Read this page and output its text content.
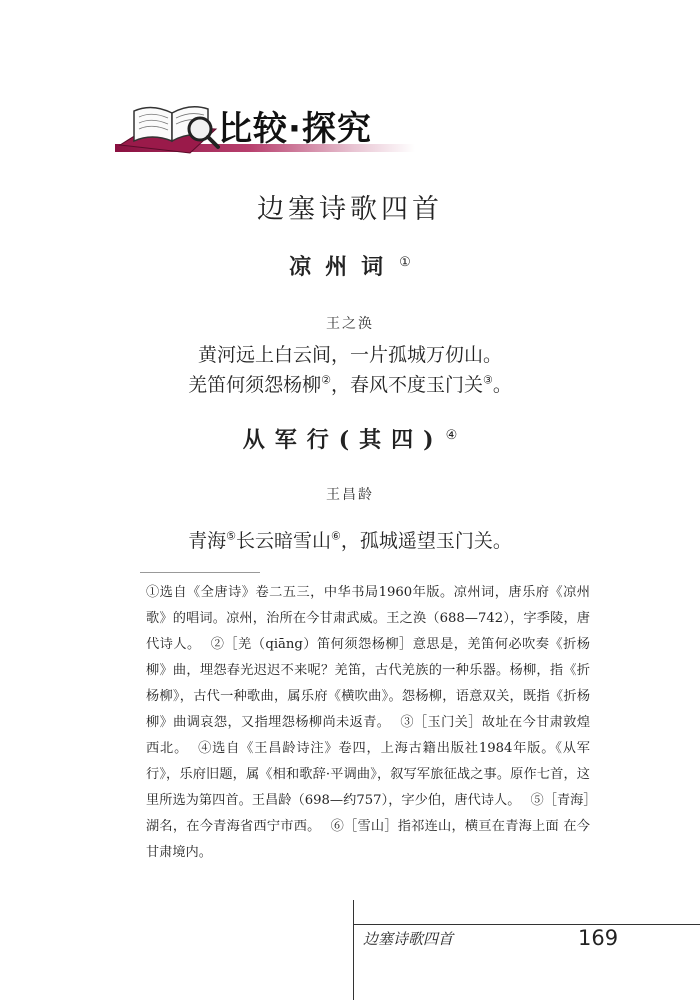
比较·探究
边塞诗歌四首
凉州词 ①
王之涣
黄河远上白云间，一片孤城万仞山。
羌笛何须怨杨柳②，春风不度玉门关③。
从军行(其四) ④
王昌龄
青海⑤长云暗雪山⑥，孤城遥望玉门关。
①选自《全唐诗》卷二五三，中华书局1960年版。凉州词，唐乐府《凉州歌》的唱词。凉州，治所在今甘肃武威。王之涣（688—742），字季陵，唐代诗人。 ②［羌（qiāng）笛何须怨杨柳］意思是，羌笛何必吹奏《折杨柳》曲，埋怨春光迟迟不来呢？羌笛，古代羌族的一种乐器。杨柳，指《折杨柳》，古代一种歌曲，属乐府《横吹曲》。怨杨柳，语意双关，既指《折杨柳》曲调哀怨，又指埋怨杨柳尚未返青。 ③［玉门关］故址在今甘肃敦煌西北。 ④选自《王昌龄诗注》卷四，上海古籍出版社1984年版。《从军行》，乐府旧题，属《相和歌辞·平调曲》，叙写军旅征战之事。原作七首，这里所选为第四首。王昌龄（698—约757），字少伯，唐代诗人。 ⑤［青海］湖名，在今青海省西宁市西。 ⑥［雪山］指祁连山，横亘在青海上面 在今甘肃境内。
边塞诗歌四首	169
